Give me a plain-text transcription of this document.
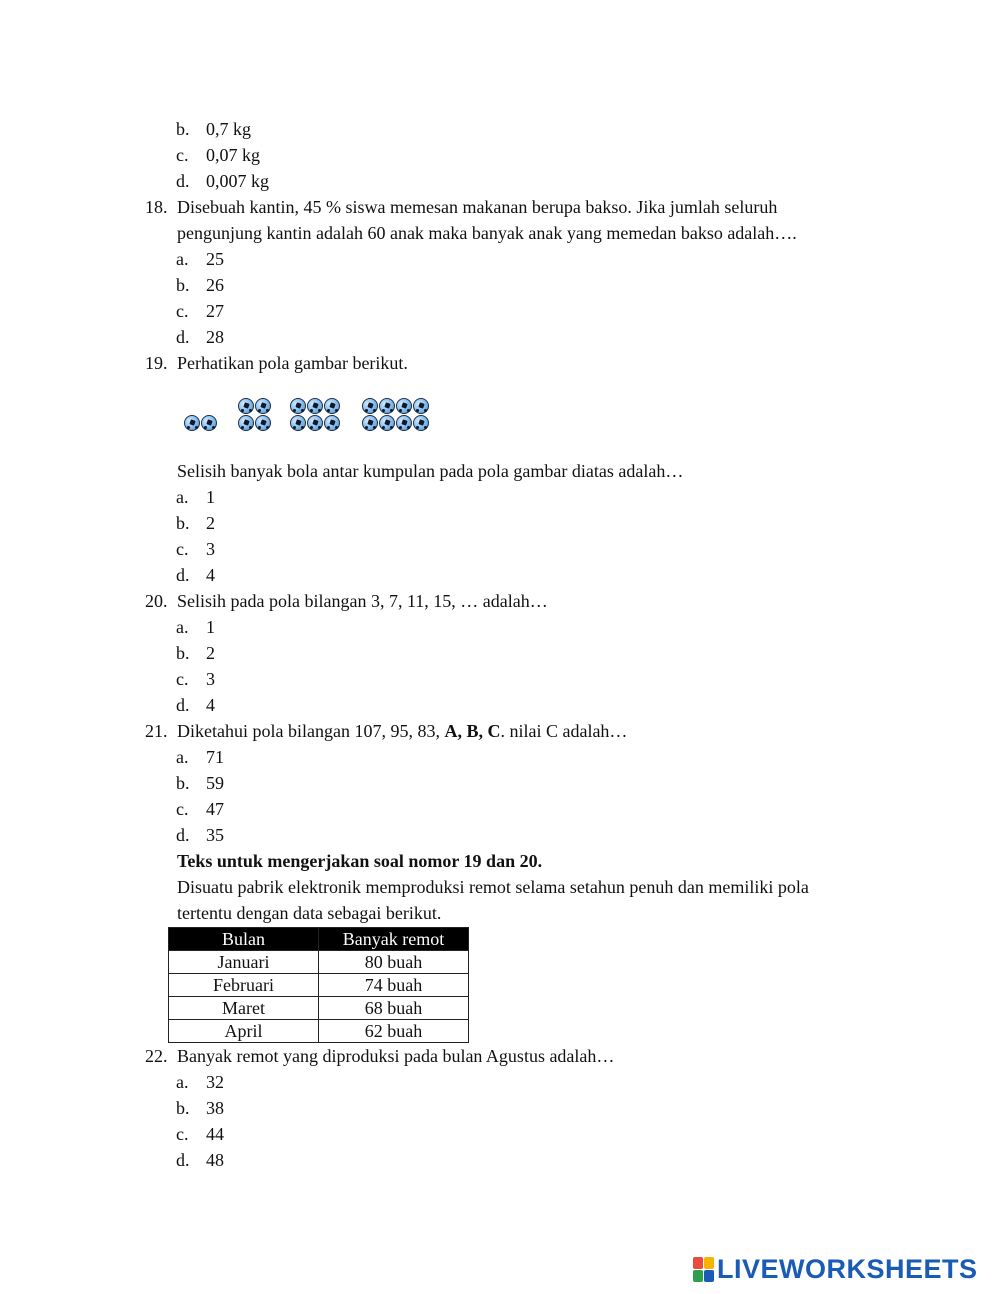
b. 0,7 kg
c. 0,07 kg
d. 0,007 kg
18. Disebuah kantin, 45 % siswa memesan makanan berupa bakso. Jika jumlah seluruh
pengunjung kantin adalah 60 anak maka banyak anak yang memedan bakso adalah….
a. 25
b. 26
c. 27
d. 28
19. Perhatikan pola gambar berikut.
Selisih banyak bola antar kumpulan pada pola gambar diatas adalah…
a. 1
b. 2
c. 3
d. 4
20. Selisih pada pola bilangan 3, 7, 11, 15, … adalah…
a. 1
b. 2
c. 3
d. 4
21. Diketahui pola bilangan 107, 95, 83, A, B, C. nilai C adalah…
a. 71
b. 59
c. 47
d. 35
Teks untuk mengerjakan soal nomor 19 dan 20.
Disuatu pabrik elektronik memproduksi remot selama setahun penuh dan memiliki pola
tertentu dengan data sebagai berikut.
Bulan	Banyak remot
Januari	80 buah
Februari	74 buah
Maret	68 buah
April	62 buah
22. Banyak remot yang diproduksi pada bulan Agustus adalah…
a. 32
b. 38
c. 44
d. 48
LIVEWORKSHEETS
